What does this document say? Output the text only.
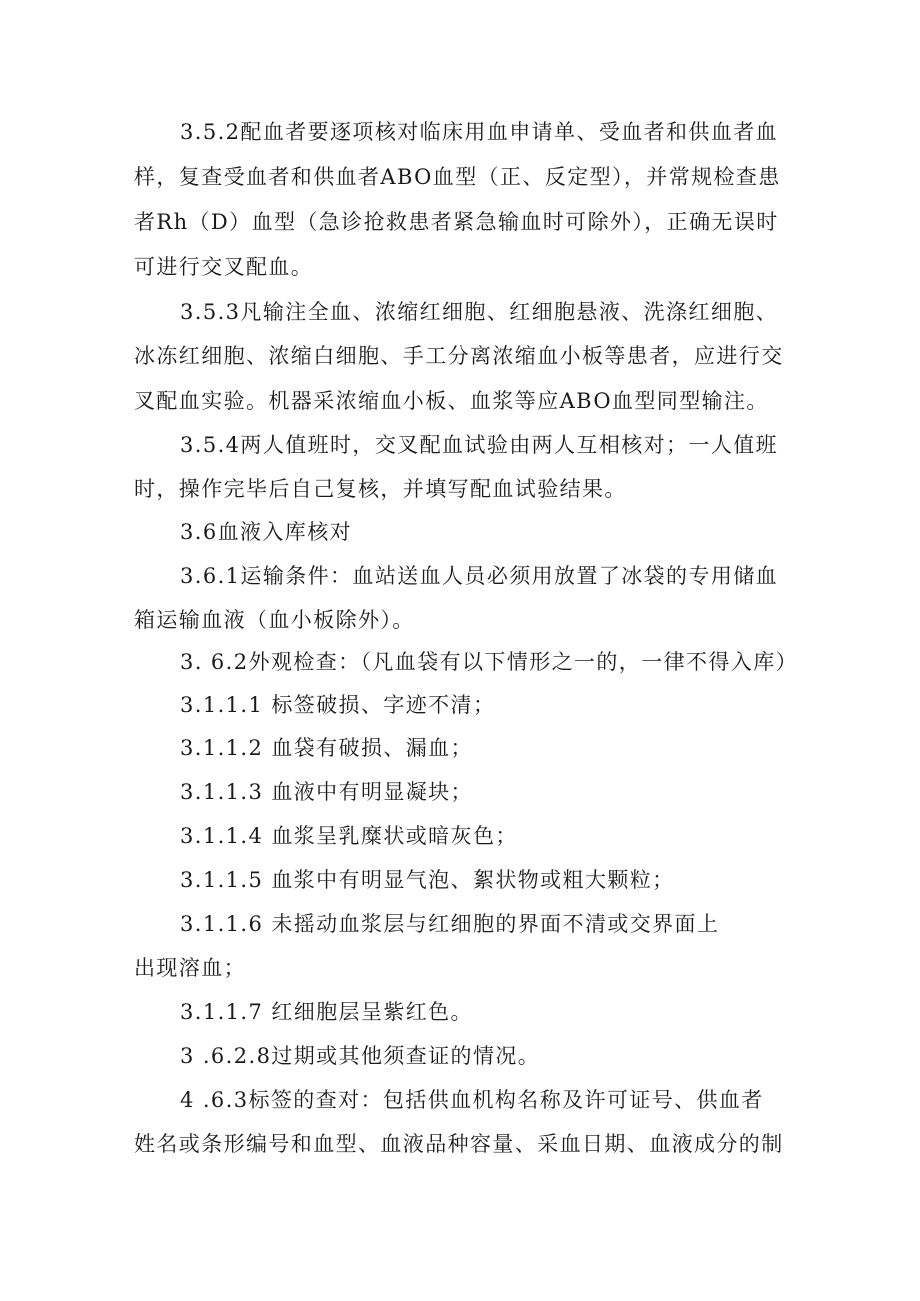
3.5.2配血者要逐项核对临床用血申请单、受血者和供血者血
样，复查受血者和供血者ABO血型（正、反定型），并常规检查患
者Rh（D）血型（急诊抢救患者紧急输血时可除外），正确无误时
可进行交叉配血。
3.5.3凡输注全血、浓缩红细胞、红细胞悬液、洗涤红细胞、
冰冻红细胞、浓缩白细胞、手工分离浓缩血小板等患者，应进行交
叉配血实验。机器采浓缩血小板、血浆等应ABO血型同型输注。
3.5.4两人值班时，交叉配血试验由两人互相核对；一人值班
时，操作完毕后自己复核，并填写配血试验结果。
3.6血液入库核对
3.6.1运输条件：血站送血人员必须用放置了冰袋的专用储血
箱运输血液（血小板除外）。
3. 6.2外观检查：（凡血袋有以下情形之一的，一律不得入库）
3.1.1.1 标签破损、字迹不清；
3.1.1.2 血袋有破损、漏血；
3.1.1.3 血液中有明显凝块；
3.1.1.4 血浆呈乳糜状或暗灰色；
3.1.1.5 血浆中有明显气泡、絮状物或粗大颗粒；
3.1.1.6 未摇动血浆层与红细胞的界面不清或交界面上
出现溶血；
3.1.1.7 红细胞层呈紫红色。
3 .6.2.8过期或其他须查证的情况。
4 .6.3标签的查对：包括供血机构名称及许可证号、供血者
姓名或条形编号和血型、血液品种容量、采血日期、血液成分的制
